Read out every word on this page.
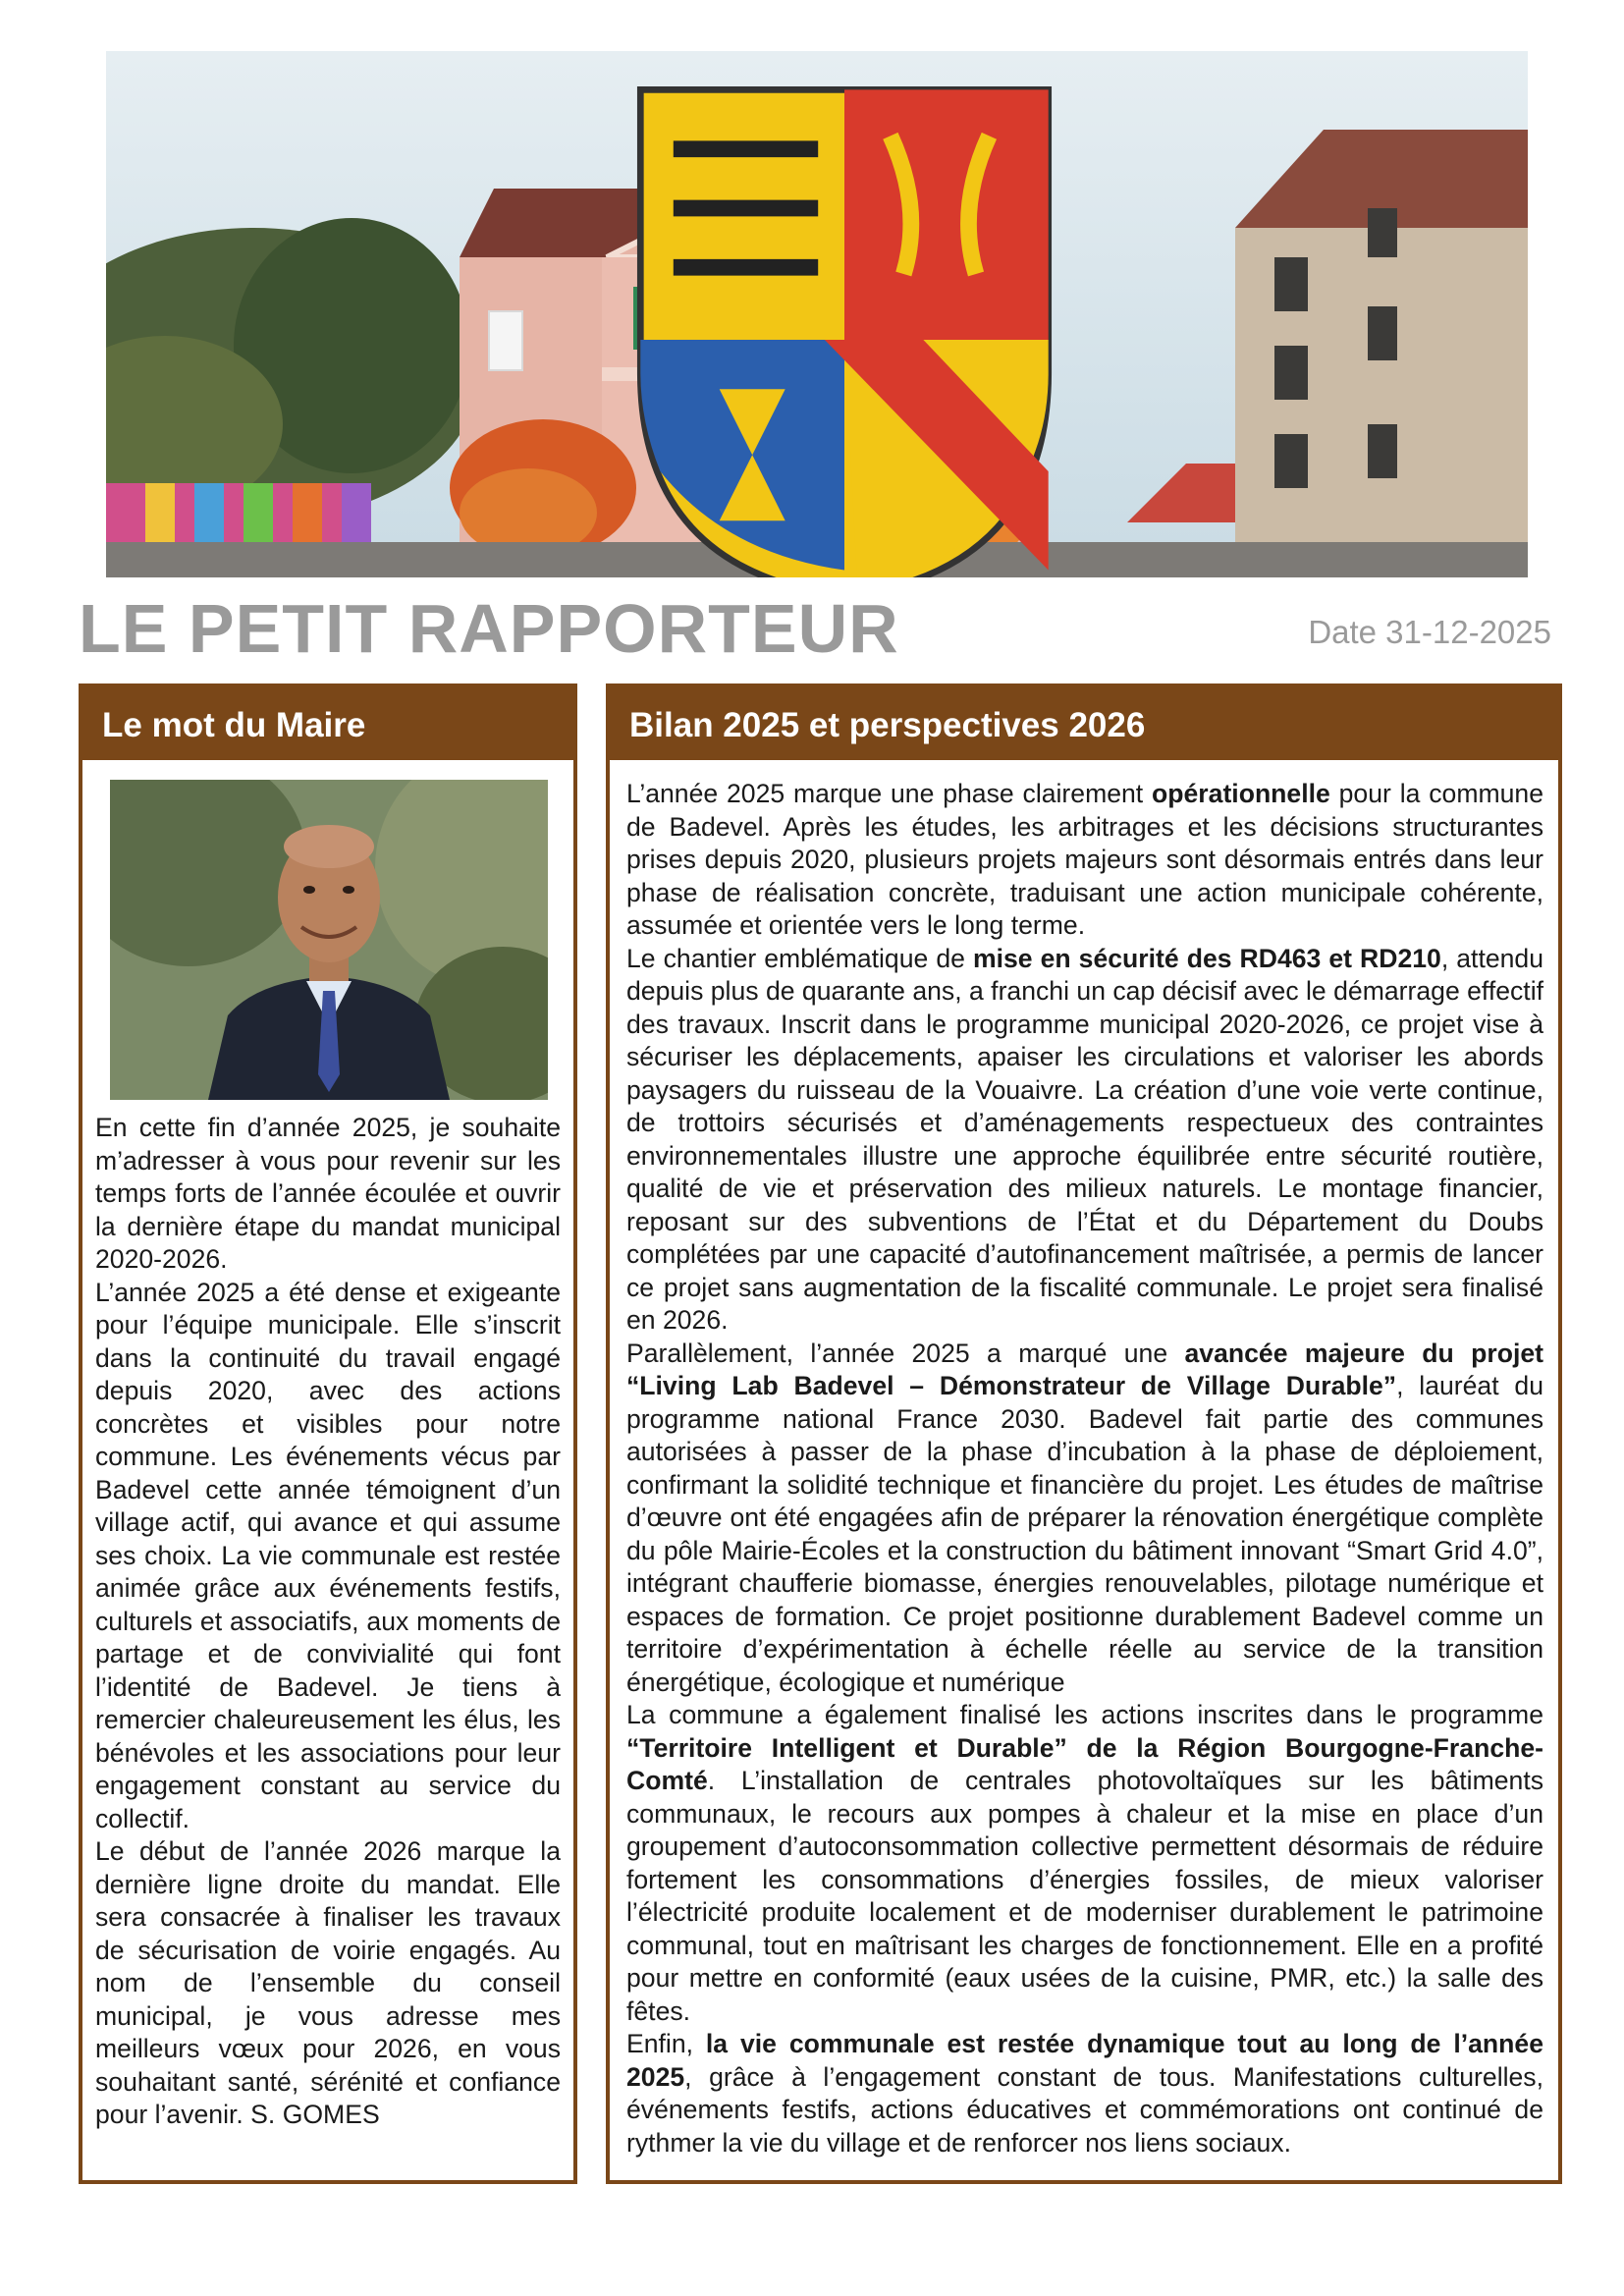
LE PETIT RAPPORTEUR	Date 31-12-2025
Le mot du Maire

En cette fin d’année 2025, je souhaite m’adresser à vous pour revenir sur les temps forts de l’année écoulée et ouvrir la dernière étape du mandat municipal 2020-2026.

L’année 2025 a été dense et exigeante pour l’équipe municipale. Elle s’inscrit dans la continuité du travail engagé depuis 2020, avec des actions concrètes et visibles pour notre commune. Les événements vécus par Badevel cette année témoignent d’un village actif, qui avance et qui assume ses choix. La vie communale est restée animée grâce aux événements festifs, culturels et associatifs, aux moments de partage et de convivialité qui font l’identité de Badevel. Je tiens à remercier chaleureusement les élus, les bénévoles et les associations pour leur engagement constant au service du collectif.

Le début de l’année 2026 marque la dernière ligne droite du mandat. Elle sera consacrée à finaliser les travaux de sécurisation de voirie engagés. Au nom de l’ensemble du conseil municipal, je vous adresse mes meilleurs vœux pour 2026, en vous souhaitant santé, sérénité et confiance pour l’avenir. S. GOMES

Bilan 2025 et perspectives 2026

L’année 2025 marque une phase clairement opérationnelle pour la commune de Badevel. Après les études, les arbitrages et les décisions structurantes prises depuis 2020, plusieurs projets majeurs sont désormais entrés dans leur phase de réalisation concrète, traduisant une action municipale cohérente, assumée et orientée vers le long terme.

Le chantier emblématique de mise en sécurité des RD463 et RD210, attendu depuis plus de quarante ans, a franchi un cap décisif avec le démarrage effectif des travaux. Inscrit dans le programme municipal 2020-2026, ce projet vise à sécuriser les déplacements, apaiser les circulations et valoriser les abords paysagers du ruisseau de la Vouaivre. La création d’une voie verte continue, de trottoirs sécurisés et d’aménagements respectueux des contraintes environnementales illustre une approche équilibrée entre sécurité routière, qualité de vie et préservation des milieux naturels. Le montage financier, reposant sur des subventions de l’État et du Département du Doubs complétées par une capacité d’autofinancement maîtrisée, a permis de lancer ce projet sans augmentation de la fiscalité communale. Le projet sera finalisé en 2026.

Parallèlement, l’année 2025 a marqué une avancée majeure du projet “Living Lab Badevel – Démonstrateur de Village Durable”, lauréat du programme national France 2030. Badevel fait partie des communes autorisées à passer de la phase d’incubation à la phase de déploiement, confirmant la solidité technique et financière du projet. Les études de maîtrise d’œuvre ont été engagées afin de préparer la rénovation énergétique complète du pôle Mairie-Écoles et la construction du bâtiment innovant “Smart Grid 4.0”, intégrant chaufferie biomasse, énergies renouvelables, pilotage numérique et espaces de formation. Ce projet positionne durablement Badevel comme un territoire d’expérimentation à échelle réelle au service de la transition énergétique, écologique et numérique

La commune a également finalisé les actions inscrites dans le programme “Territoire Intelligent et Durable” de la Région Bourgogne-Franche-Comté. L’installation de centrales photovoltaïques sur les bâtiments communaux, le recours aux pompes à chaleur et la mise en place d’un groupement d’autoconsommation collective permettent désormais de réduire fortement les consommations d’énergies fossiles, de mieux valoriser l’électricité produite localement et de moderniser durablement le patrimoine communal, tout en maîtrisant les charges de fonctionnement. Elle en a profité pour mettre en conformité (eaux usées de la cuisine, PMR, etc.) la salle des fêtes.

Enfin, la vie communale est restée dynamique tout au long de l’année 2025, grâce à l’engagement constant de tous. Manifestations culturelles, événements festifs, actions éducatives et commémorations ont continué de rythmer la vie du village et de renforcer nos liens sociaux.
